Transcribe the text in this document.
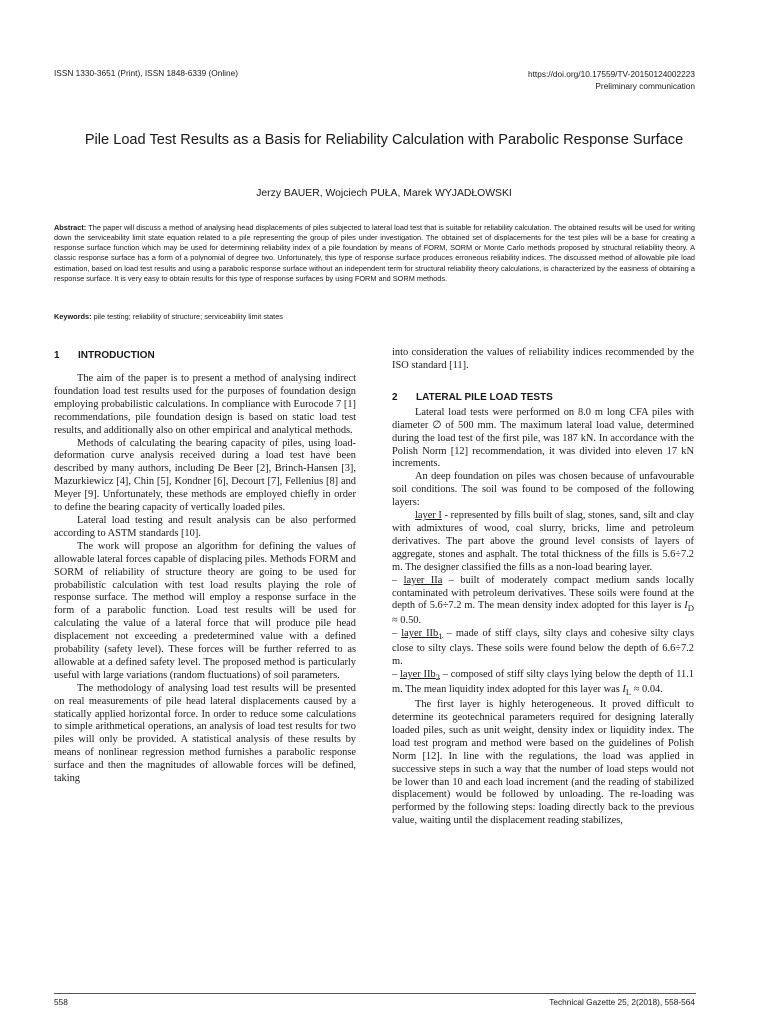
ISSN 1330-3651 (Print), ISSN 1848-6339 (Online)	https://doi.org/10.17559/TV-20150124002223
Preliminary communication
Pile Load Test Results as a Basis for Reliability Calculation with Parabolic Response Surface
Jerzy BAUER, Wojciech PUŁA, Marek WYJADŁOWSKI
Abstract: The paper will discuss a method of analysing head displacements of piles subjected to lateral load test that is suitable for reliability calculation. The obtained results will be used for writing down the serviceability limit state equation related to a pile representing the group of piles under investigation. The obtained set of displacements for the test piles will be a base for creating a response surface function which may be used for determining reliability index of a pile foundation by means of FORM, SORM or Monte Carlo methods proposed by structural reliability theory. A classic response surface has a form of a polynomial of degree two. Unfortunately, this type of response surface produces erroneous reliability indices. The discussed method of allowable pile load estimation, based on load test results and using a parabolic response surface without an independent term for structural reliability theory calculations, is characterized by the easiness of obtaining a response surface. It is very easy to obtain results for this type of response surfaces by using FORM and SORM methods.
Keywords: pile testing; reliability of structure; serviceability limit states
1 INTRODUCTION

The aim of the paper is to present a method of analysing indirect foundation load test results used for the purposes of foundation design employing probabilistic calculations. In compliance with Eurocode 7 [1] recommendations, pile foundation design is based on static load test results, and additionally also on other empirical and analytical methods.

Methods of calculating the bearing capacity of piles, using load-deformation curve analysis received during a load test have been described by many authors, including De Beer [2], Brinch-Hansen [3], Mazurkiewicz [4], Chin [5], Kondner [6], Decourt [7], Fellenius [8] and Meyer [9]. Unfortunately, these methods are employed chiefly in order to define the bearing capacity of vertically loaded piles.

Lateral load testing and result analysis can be also performed according to ASTM standards [10].

The work will propose an algorithm for defining the values of allowable lateral forces capable of displacing piles. Methods FORM and SORM of reliability of structure theory are going to be used for probabilistic calculation with test load results playing the role of response surface. The method will employ a response surface in the form of a parabolic function. Load test results will be used for calculating the value of a lateral force that will produce pile head displacement not exceeding a predetermined value with a defined probability (safety level). These forces will be further referred to as allowable at a defined safety level. The proposed method is particularly useful with large variations (random fluctuations) of soil parameters.

The methodology of analysing load test results will be presented on real measurements of pile head lateral displacements caused by a statically applied horizontal force. In order to reduce some calculations to simple arithmetical operations, an analysis of load test results for two piles will only be provided. A statistical analysis of these results by means of nonlinear regression method furnishes a parabolic response surface and then the magnitudes of allowable forces will be defined, taking

into consideration the values of reliability indices recommended by the ISO standard [11].

Lateral load tests were performed on 8.0 m long CFA piles with diameter ∅ of 500 mm. The maximum lateral load value, determined during the load test of the first pile, was 187 kN. In accordance with the Polish Norm [12] recommendation, it was divided into eleven 17 kN increments.

An deep foundation on piles was chosen because of unfavourable soil conditions. The soil was found to be composed of the following layers:

layer I - represented by fills built of slag, stones, sand, silt and clay with admixtures of wood, coal slurry, bricks, lime and petroleum derivatives. The part above the ground level consists of layers of aggregate, stones and asphalt. The total thickness of the fills is 5.6÷7.2 m. The designer classified the fills as a non-load bearing layer.

– layer IIa – built of moderately compact medium sands locally contaminated with petroleum derivatives. These soils were found at the depth of 5.6÷7.2 m. The mean density index adopted for this layer is $I_D \approx 0.50$.

– layer IIb$_1$ – made of stiff clays, silty clays and cohesive silty clays close to silty clays. These soils were found below the depth of 6.6÷7.2 m.

– layer IIb$_2$ – composed of stiff silty clays lying below the depth of 11.1 m. The mean liquidity index adopted for this layer was $I_L \approx 0.04$.

The first layer is highly heterogeneous. It proved difficult to determine its geotechnical parameters required for designing laterally loaded piles, such as unit weight, density index or liquidity index. The load test program and method were based on the guidelines of Polish Norm [12]. In line with the regulations, the load was applied in successive steps in such a way that the number of load steps would not be lower than 10 and each load increment (and the reading of stabilized displacement) would be followed by unloading. The re-loading was performed by the following steps: loading directly back to the previous value, waiting until the displacement reading stabilizes,

2 LATERAL PILE LOAD TESTS
558	Technical Gazette 25, 2(2018), 558-564
